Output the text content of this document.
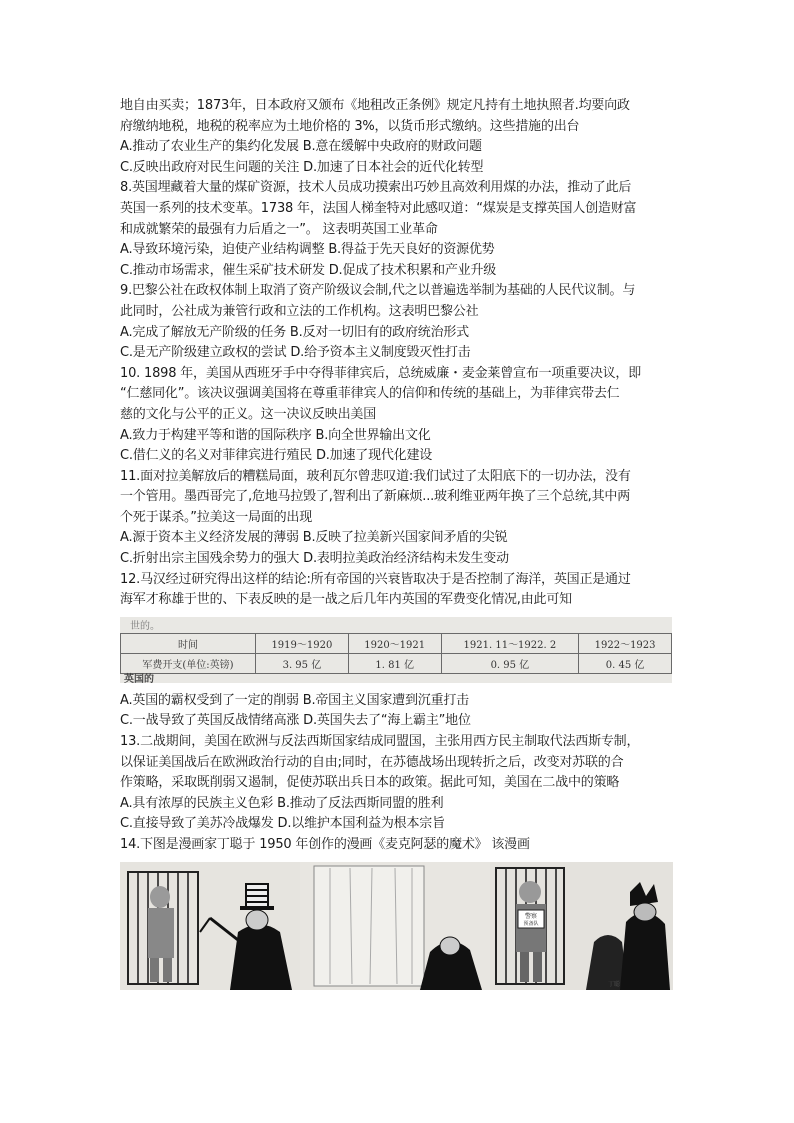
地自由买卖；1873年，日本政府又颁布《地租改正条例》规定凡持有土地执照者.均要向政
府缴纳地税，地税的税率应为土地价格的 3%，以货币形式缴纳。这些措施的出台
A.推动了农业生产的集约化发展 B.意在缓解中央政府的财政问题
C.反映出政府对民生问题的关注 D.加速了日本社会的近代化转型
8.英国埋藏着大量的煤矿资源，技术人员成功摸索出巧妙且高效利用煤的办法，推动了此后
英国一系列的技术变革。1738 年，法国人梯奎特对此感叹道：“煤炭是支撑英国人创造财富
和成就繁荣的最强有力后盾之一”。 这表明英国工业革命
A.导致环境污染，迫使产业结构调整 B.得益于先天良好的资源优势
C.推动市场需求，催生采矿技术研发 D.促成了技术积累和产业升级
9.巴黎公社在政权体制上取消了资产阶级议会制,代之以普遍选举制为基础的人民代议制。与
此同时，公社成为兼管行政和立法的工作机构。这表明巴黎公社
A.完成了解放无产阶级的任务 B.反对一切旧有的政府统治形式
C.是无产阶级建立政权的尝试 D.给予资本主义制度毁灭性打击
10. 1898 年，美国从西班牙手中夺得菲律宾后，总统威廉・麦金莱曾宣布一项重要决议，即
“仁慈同化”。该决议强调美国将在尊重菲律宾人的信仰和传统的基础上，为菲律宾带去仁
慈的文化与公平的正义。这一决议反映出美国
A.致力于构建平等和谐的国际秩序 B.向全世界输出文化
C.借仁义的名义对菲律宾进行殖民 D.加速了现代化建设
11.面对拉美解放后的糟糕局面，玻利瓦尔曾悲叹道:我们试过了太阳底下的一切办法，没有
一个管用。墨西哥完了,危地马拉毁了,智利出了新麻烦...玻利维亚两年换了三个总统,其中两
个死于谋杀。”拉美这一局面的出现
A.源于资本主义经济发展的薄弱 B.反映了拉美新兴国家间矛盾的尖锐
C.折射出宗主国残余势力的强大 D.表明拉美政治经济结构未发生变动
12.马汉经过研究得出这样的结论:所有帝国的兴衰皆取决于是否控制了海洋，英国正是通过
海军才称雄于世的、下表反映的是一战之后几年内英国的军费变化情况,由此可知
世的。
时间	1919～1920	1920～1921	1921. 11～1922. 2	1922～1923
军费开支(单位:英镑)	3. 95 亿	1. 81 亿	0. 95 亿	0. 45 亿
英国的
A.英国的霸权受到了一定的削弱 B.帝国主义国家遭到沉重打击
C.一战导致了英国反战情绪高涨 D.英国失去了“海上霸主”地位
13.二战期间，美国在欧洲与反法西斯国家结成同盟国，主张用西方民主制取代法西斯专制，
以保证美国战后在欧洲政治行动的自由;同时，在苏德战场出现转折之后，改变对苏联的合
作策略，采取既削弱又遏制，促使苏联出兵日本的政策。据此可知，美国在二战中的策略
A.具有浓厚的民族主义色彩 B.推动了反法西斯同盟的胜利
C.直接导致了美苏冷战爆发 D.以维护本国利益为根本宗旨
14.下图是漫画家丁聪于 1950 年创作的漫画《麦克阿瑟的魔术》 该漫画
警察
预备队
丁聪
